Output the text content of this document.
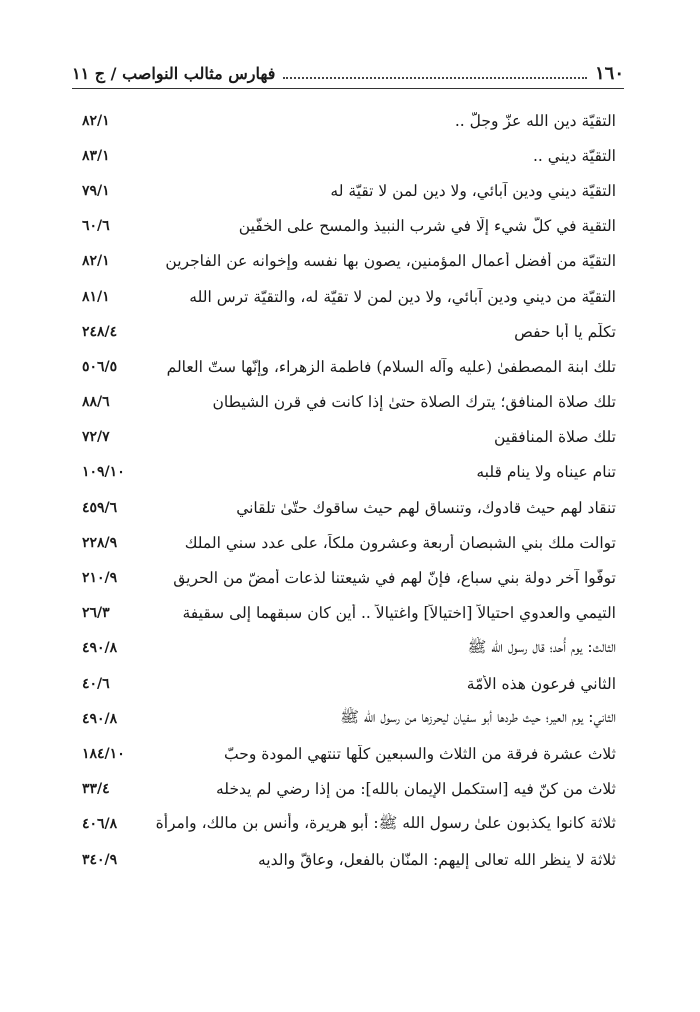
١٦٠
فهارس مثالب النواصب / ج ١١
التقيّة دين الله عزّ وجلّ ..
٨٢/١
التقيّة ديني ..
٨٣/١
التقيّة ديني ودين آبائي، ولا دين لمن لا تقيّة له
٧٩/١
التقية في كلّ شيء إلّا في شرب النبيذ والمسح على الخفّين
٦٠/٦
التقيّة من أفضل أعمال المؤمنين، يصون بها نفسه وإخوانه عن الفاجرين
٨٢/١
التقيّة من ديني ودين آبائي، ولا دين لمن لا تقيّة له، والتقيّة ترس الله
٨١/١
تكلّم يا أبا حفص
٢٤٨/٤
تلك ابنة المصطفىٰ (عليه وآله السلام) فاطمة الزهراء، وإنّها ستّ العالم
٥٠٦/٥
تلك صلاة المنافق؛ يترك الصلاة حتىٰ إذا كانت في قرن الشيطان
٨٨/٦
تلك صلاة المنافقين
٧٢/٧
تنام عيناه ولا ينام قلبه
١٠٩/١٠
تنقاد لهم حيث قادوك، وتنساق لهم حيث ساقوك حتّىٰ تلقاني
٤٥٩/٦
توالت ملك بني الشبصان أربعة وعشرون ملكاً، على عدد سني الملك
٢٢٨/٩
توفّوا آخر دولة بني سباع، فإنّ لهم في شيعتنا لذعات أمضّ من الحريق
٢١٠/٩
التيمي والعدوي احتيالاً [اختيالاً] واغتيالاً .. أين كان سبقهما إلى سقيفة
٢٦/٣
الثالث: يوم أُحد؛ قال رسول الله ﷺ
٤٩٠/٨
الثاني فرعون هذه الأُمّة
٤٠/٦
الثاني: يوم العير؛ حيث طردها أبو سفيان ليحرزها من رسول الله ﷺ
٤٩٠/٨
ثلاث عشرة فرقة من الثلاث والسبعين كلّها تنتهي المودة وحبّ
١٨٤/١٠
ثلاث من كنّ فيه [استكمل الإيمان بالله]: من إذا رضي لم يدخله
٣٣/٤
ثلاثة كانوا يكذبون علىٰ رسول الله ﷺ: أبو هريرة، وأنس بن مالك، وامرأة
٤٠٦/٨
ثلاثة لا ينظر الله تعالى إليهم: المنّان بالفعل، وعاقّ والديه
٣٤٠/٩
